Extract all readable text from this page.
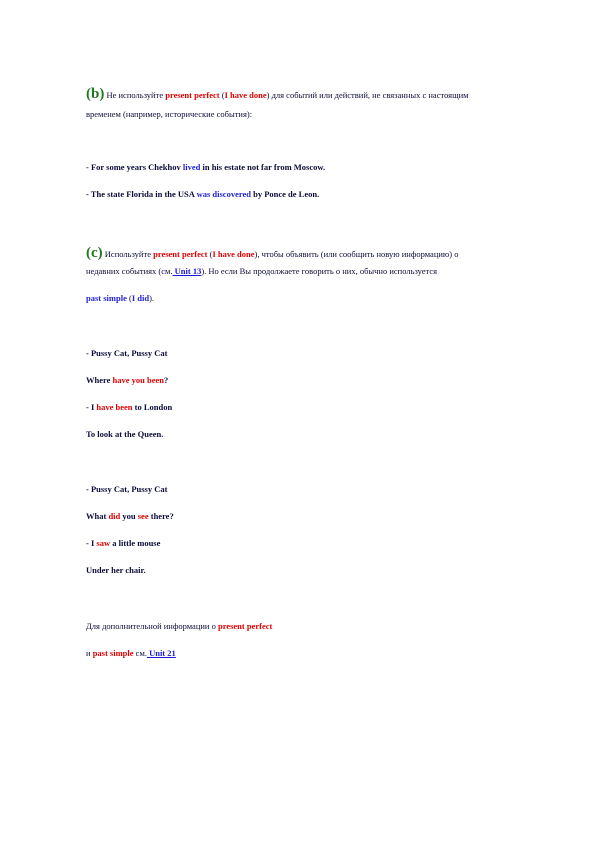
(b) Не используйте present perfect (I have done) для событий или действий, не связанных с настоящим
временем (например, исторические события):
- For some years Chekhov lived in his estate not far from Moscow.
- The state Florida in the USA was discovered by Ponce de Leon.
(c) Используйте present perfect (I have done), чтобы объявить (или сообщить новую информацию) о
недавних событиях (см. Unit 13). Но если Вы продолжаете говорить о них, обычно используется
past simple (I did).
- Pussy Cat, Pussy Cat
Where have you been?
- I have been to London
To look at the Queen.
- Pussy Cat, Pussy Cat
What did you see there?
- I saw a little mouse
Under her chair.
Для дополнительной информации о present perfect
и past simple см. Unit 21
